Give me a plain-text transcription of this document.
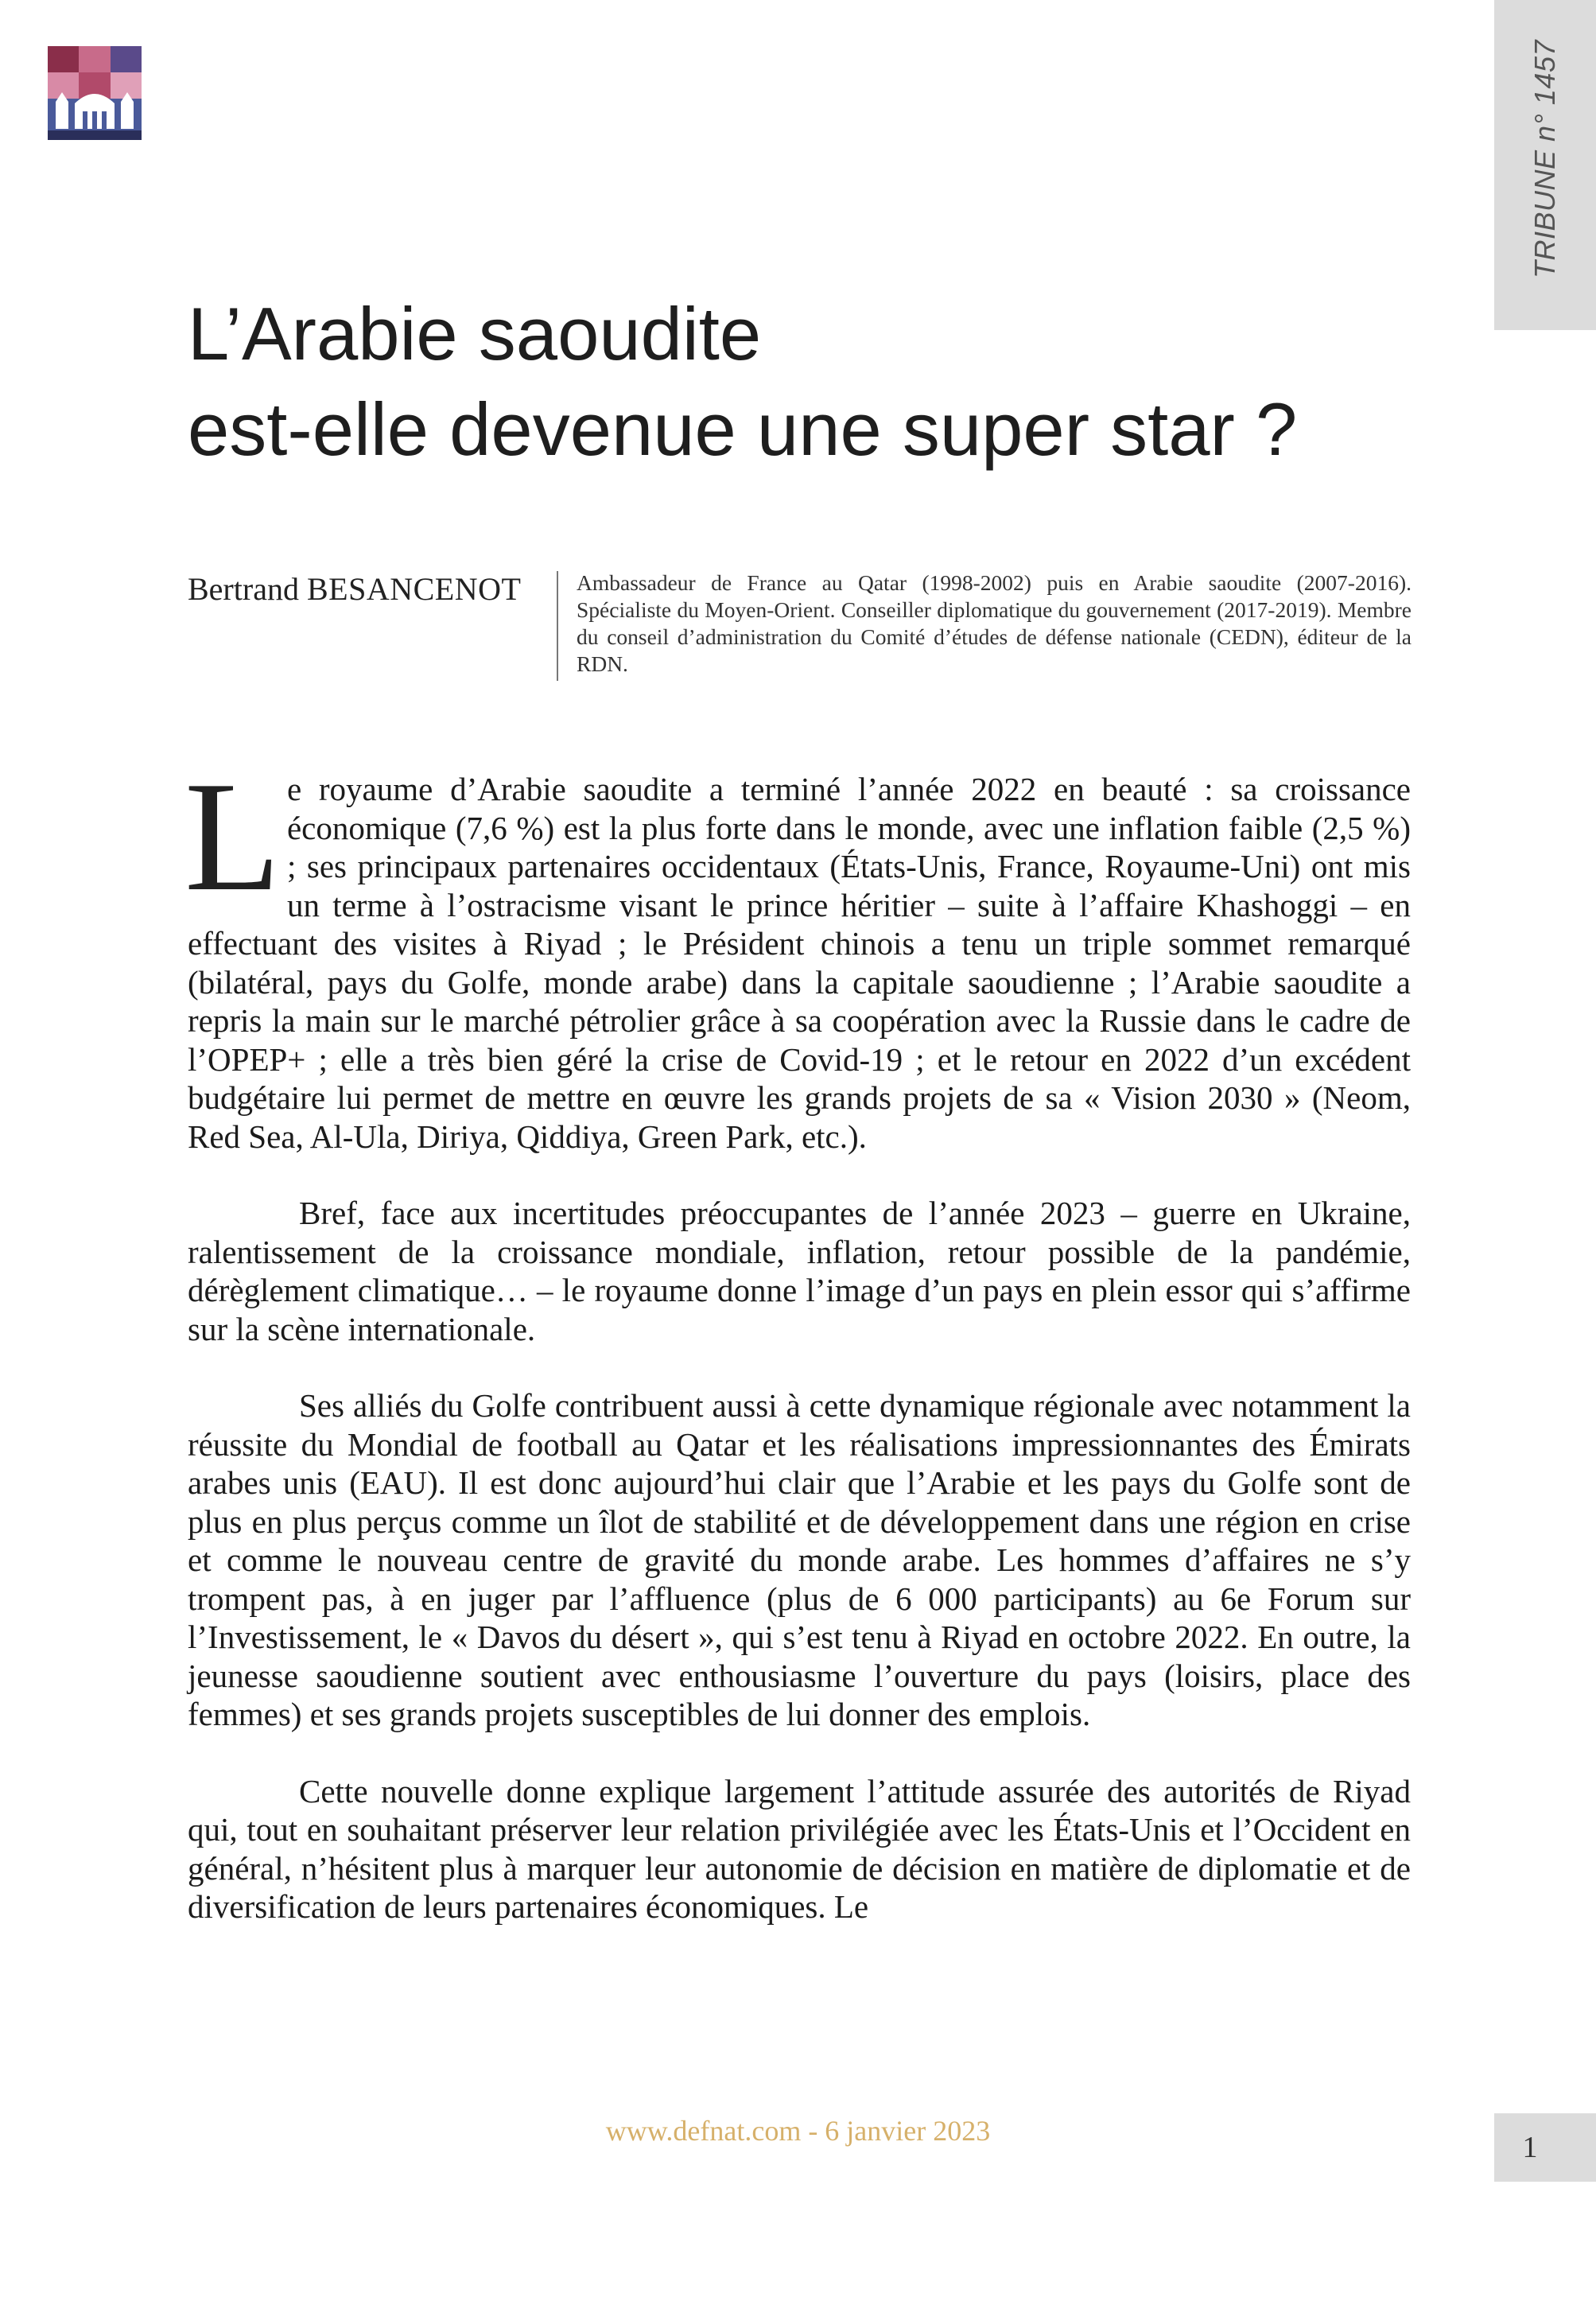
TRIBUNE n° 1457
L’Arabie saoudite
est-elle devenue une super star ?
Bertrand BESANCENOT	Ambassadeur de France au Qatar (1998-2002) puis en Arabie saoudite (2007-2016). Spécialiste du Moyen-Orient. Conseiller diplomatique du gouvernement (2017-2019). Membre du conseil d’administration du Comité d’études de défense nationale (CEDN), éditeur de la RDN.

Le royaume d’Arabie saoudite a terminé l’année 2022 en beauté : sa croissance économique (7,6 %) est la plus forte dans le monde, avec une inflation faible (2,5 %) ; ses principaux partenaires occidentaux (États-Unis, France, Royaume-Uni) ont mis un terme à l’ostracisme visant le prince héritier – suite à l’affaire Khashoggi – en effectuant des visites à Riyad ; le Président chinois a tenu un triple sommet remarqué (bilatéral, pays du Golfe, monde arabe) dans la capitale saoudienne ; l’Arabie saoudite a repris la main sur le marché pétrolier grâce à sa coopération avec la Russie dans le cadre de l’OPEP+ ; elle a très bien géré la crise de Covid-19 ; et le retour en 2022 d’un excédent budgétaire lui permet de mettre en œuvre les grands projets de sa « Vision 2030 » (Neom, Red Sea, Al-Ula, Diriya, Qiddiya, Green Park, etc.).

Bref, face aux incertitudes préoccupantes de l’année 2023 – guerre en Ukraine, ralentissement de la croissance mondiale, inflation, retour possible de la pandémie, dérèglement climatique… – le royaume donne l’image d’un pays en plein essor qui s’affirme sur la scène internationale.

Ses alliés du Golfe contribuent aussi à cette dynamique régionale avec notamment la réussite du Mondial de football au Qatar et les réalisations impressionnantes des Émirats arabes unis (EAU). Il est donc aujourd’hui clair que l’Arabie et les pays du Golfe sont de plus en plus perçus comme un îlot de stabilité et de développement dans une région en crise et comme le nouveau centre de gravité du monde arabe. Les hommes d’affaires ne s’y trompent pas, à en juger par l’affluence (plus de 6 000 participants) au 6e Forum sur l’Investissement, le « Davos du désert », qui s’est tenu à Riyad en octobre 2022. En outre, la jeunesse saoudienne soutient avec enthousiasme l’ouverture du pays (loisirs, place des femmes) et ses grands projets susceptibles de lui donner des emplois.

Cette nouvelle donne explique largement l’attitude assurée des autorités de Riyad qui, tout en souhaitant préserver leur relation privilégiée avec les États-Unis et l’Occident en général, n’hésitent plus à marquer leur autonomie de décision en matière de diplomatie et de diversification de leurs partenaires économiques. Le

www.defnat.com - 6 janvier 2023	1
